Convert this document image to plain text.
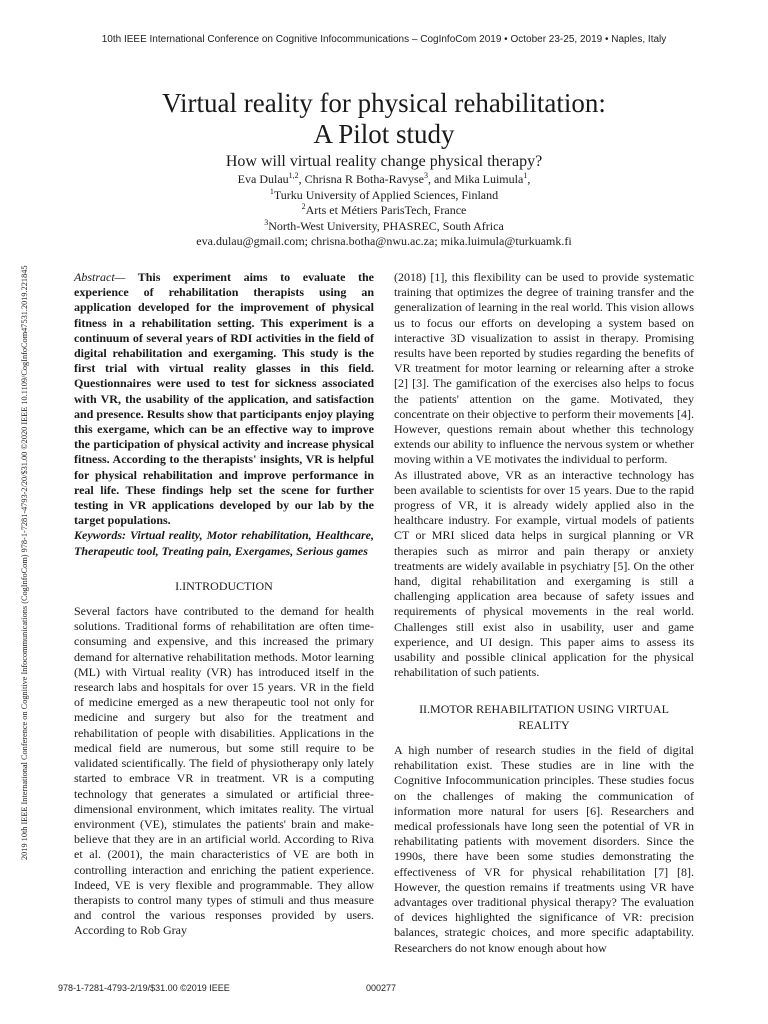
10th IEEE International Conference on Cognitive Infocommunications – CogInfoCom 2019 • October 23-25, 2019 • Naples, Italy
2019 10th IEEE International Conference on Cognitive Infocommunications (CogInfoCom) 978-1-7281-4793-2/20/$31.00 ©2020 IEEE 10.1109/CogInfoCom47531.2019.221845
Virtual reality for physical rehabilitation:
A Pilot study
How will virtual reality change physical therapy?
Eva Dulau$^{1,2}$, Chrisna R Botha-Ravyse$^3$, and Mika Luimula$^1$,
$^1$Turku University of Applied Sciences, Finland
$^2$Arts et Métiers ParisTech, France
$^3$North-West University, PHASREC, South Africa
eva.dulau@gmail.com; chrisna.botha@nwu.ac.za; mika.luimula@turkuamk.fi

Abstract— This experiment aims to evaluate the experience of rehabilitation therapists using an application developed for the improvement of physical fitness in a rehabilitation setting. This experiment is a continuum of several years of RDI activities in the field of digital rehabilitation and exergaming. This study is the first trial with virtual reality glasses in this field. Questionnaires were used to test for sickness associated with VR, the usability of the application, and satisfaction and presence. Results show that participants enjoy playing this exergame, which can be an effective way to improve the participation of physical activity and increase physical fitness. According to the therapists' insights, VR is helpful for physical rehabilitation and improve performance in real life. These findings help set the scene for further testing in VR applications developed by our lab by the target populations.

Keywords: Virtual reality, Motor rehabilitation, Healthcare, Therapeutic tool, Treating pain, Exergames, Serious games

I.INTRODUCTION

Several factors have contributed to the demand for health solutions. Traditional forms of rehabilitation are often time-consuming and expensive, and this increased the primary demand for alternative rehabilitation methods. Motor learning (ML) with Virtual reality (VR) has introduced itself in the research labs and hospitals for over 15 years. VR in the field of medicine emerged as a new therapeutic tool not only for medicine and surgery but also for the treatment and rehabilitation of people with disabilities. Applications in the medical field are numerous, but some still require to be validated scientifically. The field of physiotherapy only lately started to embrace VR in treatment. VR is a computing technology that generates a simulated or artificial three-dimensional environment, which imitates reality. The virtual environment (VE), stimulates the patients' brain and make-believe that they are in an artificial world. According to Riva et al. (2001), the main characteristics of VE are both in controlling interaction and enriching the patient experience. Indeed, VE is very flexible and programmable. They allow therapists to control many types of stimuli and thus measure and control the various responses provided by users. According to Rob Gray

(2018) [1], this flexibility can be used to provide systematic training that optimizes the degree of training transfer and the generalization of learning in the real world. This vision allows us to focus our efforts on developing a system based on interactive 3D visualization to assist in therapy. Promising results have been reported by studies regarding the benefits of VR treatment for motor learning or relearning after a stroke [2] [3]. The gamification of the exercises also helps to focus the patients' attention on the game. Motivated, they concentrate on their objective to perform their movements [4]. However, questions remain about whether this technology extends our ability to influence the nervous system or whether moving within a VE motivates the individual to perform.

As illustrated above, VR as an interactive technology has been available to scientists for over 15 years. Due to the rapid progress of VR, it is already widely applied also in the healthcare industry. For example, virtual models of patients CT or MRI sliced data helps in surgical planning or VR therapies such as mirror and pain therapy or anxiety treatments are widely available in psychiatry [5]. On the other hand, digital rehabilitation and exergaming is still a challenging application area because of safety issues and requirements of physical movements in the real world. Challenges still exist also in usability, user and game experience, and UI design. This paper aims to assess its usability and possible clinical application for the physical rehabilitation of such patients.

II.MOTOR REHABILITATION USING VIRTUAL
REALITY

A high number of research studies in the field of digital rehabilitation exist. These studies are in line with the Cognitive Infocommunication principles. These studies focus on the challenges of making the communication of information more natural for users [6]. Researchers and medical professionals have long seen the potential of VR in rehabilitating patients with movement disorders. Since the 1990s, there have been some studies demonstrating the effectiveness of VR for physical rehabilitation [7] [8]. However, the question remains if treatments using VR have advantages over traditional physical therapy? The evaluation of devices highlighted the significance of VR: precision balances, strategic choices, and more specific adaptability. Researchers do not know enough about how

978-1-7281-4793-2/19/$31.00 ©2019 IEEE	000277
